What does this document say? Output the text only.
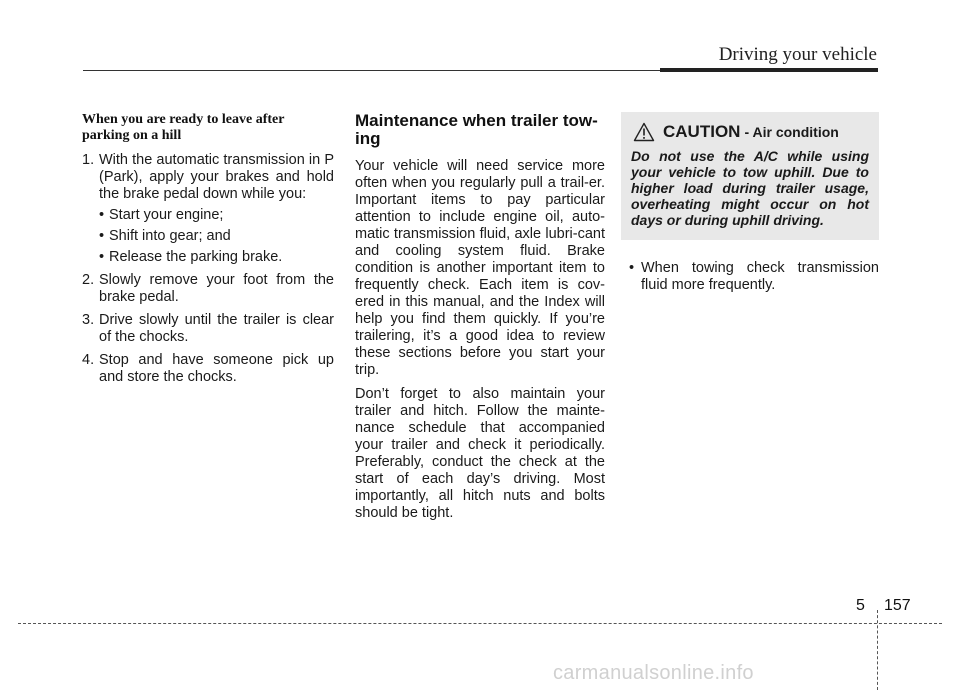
Driving your vehicle

When you are ready to leave after parking on a hill

1. With the automatic transmission in P (Park), apply your brakes and hold the brake pedal down while you:
• Start your engine;
• Shift into gear; and
• Release the parking brake.
2. Slowly remove your foot from the brake pedal.
3. Drive slowly until the trailer is clear of the chocks.
4. Stop and have someone pick up and store the chocks.
Maintenance when trailer tow-ing

Your vehicle will need service more often when you regularly pull a trail-er. Important items to pay particular attention to include engine oil, auto-matic transmission fluid, axle lubri-cant and cooling system fluid. Brake condition is another important item to frequently check. Each item is cov-ered in this manual, and the Index will help you find them quickly. If you’re trailering, it’s a good idea to review these sections before you start your trip.

Don’t forget to also maintain your trailer and hitch. Follow the mainte-nance schedule that accompanied your trailer and check it periodically. Preferably, conduct the check at the start of each day’s driving. Most importantly, all hitch nuts and bolts should be tight.

CAUTION - Air condition

Do not use the A/C while using your vehicle to tow uphill. Due to higher load during trailer usage, overheating might occur on hot days or during uphill driving.

• When towing check transmission fluid more frequently.
5 157
carmanualsonline.info
